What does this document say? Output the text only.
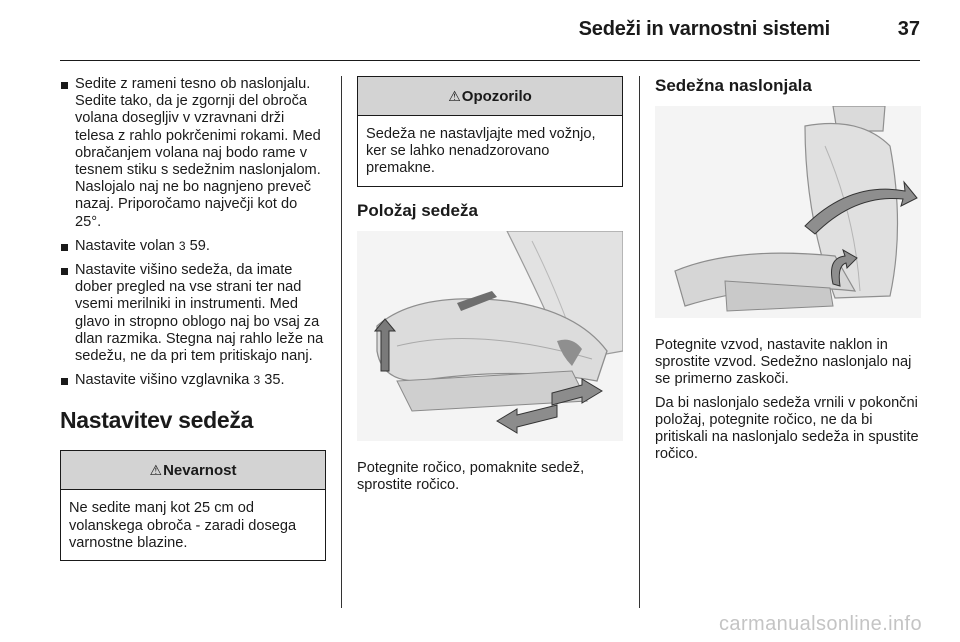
Sedeži in varnostni sistemi	37
Sedite z rameni tesno ob naslonjalu. Sedite tako, da je zgornji del obroča volana dosegljiv v vzravnani drži telesa z rahlo pokrčenimi rokami. Med obračanjem volana naj bodo rame v tesnem stiku s sedežnim naslonjalom. Naslojalo naj ne bo nagnjeno preveč nazaj. Priporočamo največji kot do 25°.
Nastavite volan 3 59.
Nastavite višino sedeža, da imate dober pregled na vse strani ter nad vsemi merilniki in instrumenti. Med glavo in stropno oblogo naj bo vsaj za dlan razmika. Stegna naj rahlo leže na sedežu, ne da pri tem pritiskajo nanj.
Nastavite višino vzglavnika 3 35.
Nastavitev sedeža
⚠Nevarnost
Ne sedite manj kot 25 cm od volanskega obroča - zaradi dosega varnostne blazine.
⚠Opozorilo
Sedeža ne nastavljajte med vožnjo, ker se lahko nenadzorovano premakne.
Položaj sedeža

Potegnite ročico, pomaknite sedež, sprostite ročico.

Sedežna naslonjala

Potegnite vzvod, nastavite naklon in sprostite vzvod. Sedežno naslonjalo naj se primerno zaskoči.

Da bi naslonjalo sedeža vrnili v pokončni položaj, potegnite ročico, ne da bi pritiskali na naslonjalo sedeža in spustite ročico.

carmanualsonline.info
